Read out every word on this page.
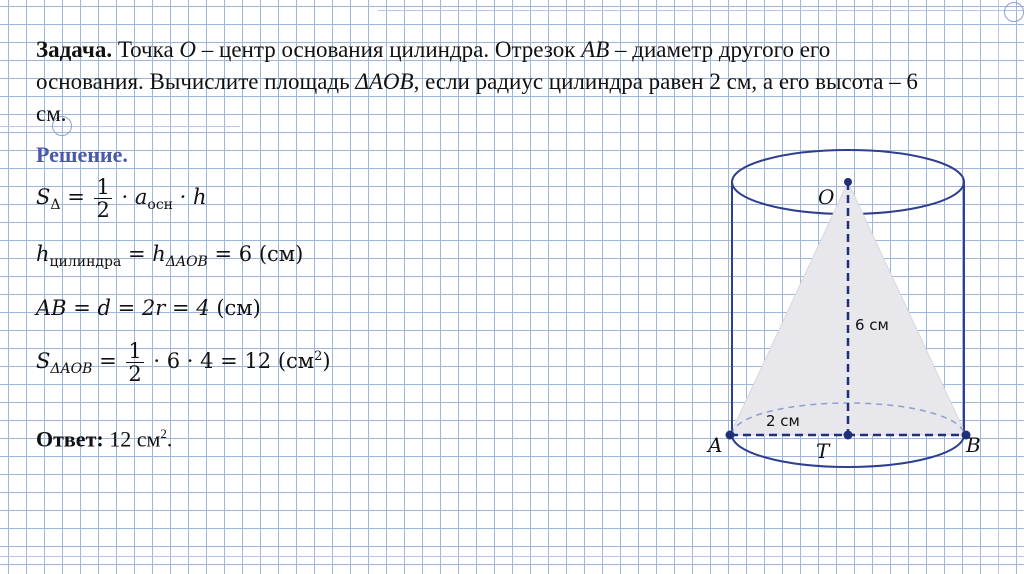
Задача. Точка O – центр основания цилиндра. Отрезок AB – диаметр другого его основания. Вычислите площадь ΔAOB, если радиус цилиндра равен 2 см, а его высота – 6 см.

Решение.

$S_\Delta = \frac{1}{2} \cdot a_{осн} \cdot h$
$h_{цилиндра} = h_{\Delta AOB} = 6$ (см)
AB = d = 2r = 4 (см)
$S_{\Delta AOB} = \frac{1}{2} \cdot 6 \cdot 4 = 12$ $(см^2)$

Ответ: 12 $см^2$.

O
A	B
T
6 см
2 см
